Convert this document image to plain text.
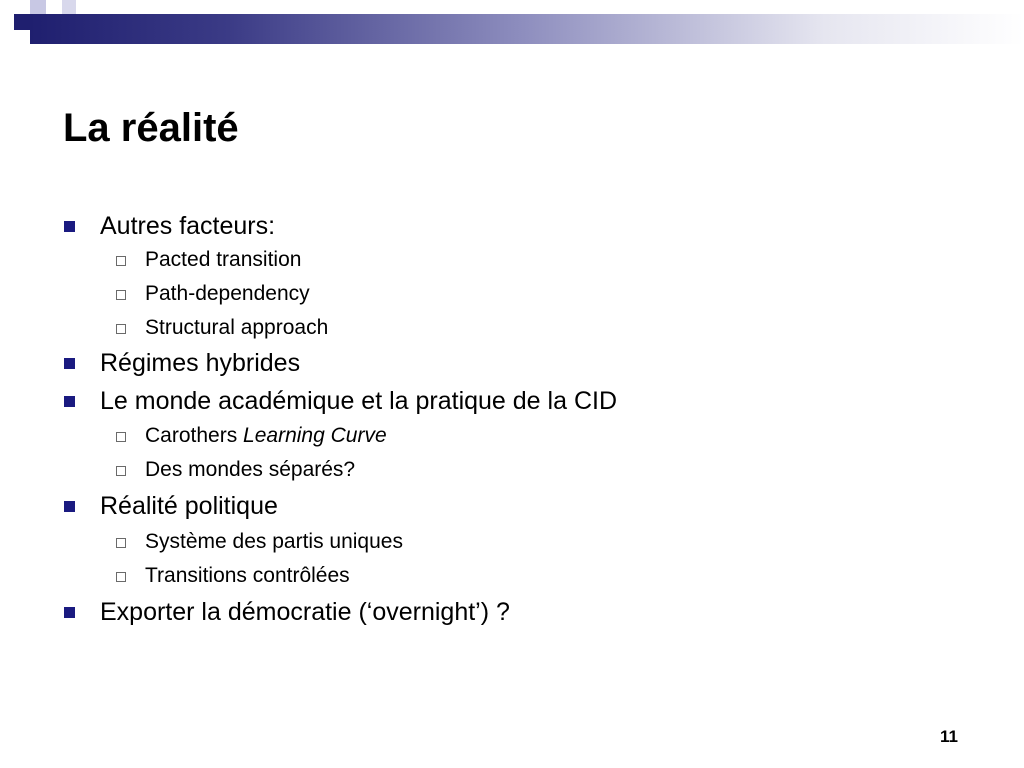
La réalité
Autres facteurs:
Pacted transition
Path-dependency
Structural approach
Régimes hybrides
Le monde académique et la pratique de la CID
Carothers Learning Curve
Des mondes séparés?
Réalité politique
Système des partis uniques
Transitions contrôlées
Exporter la démocratie (‘overnight’) ?
11
